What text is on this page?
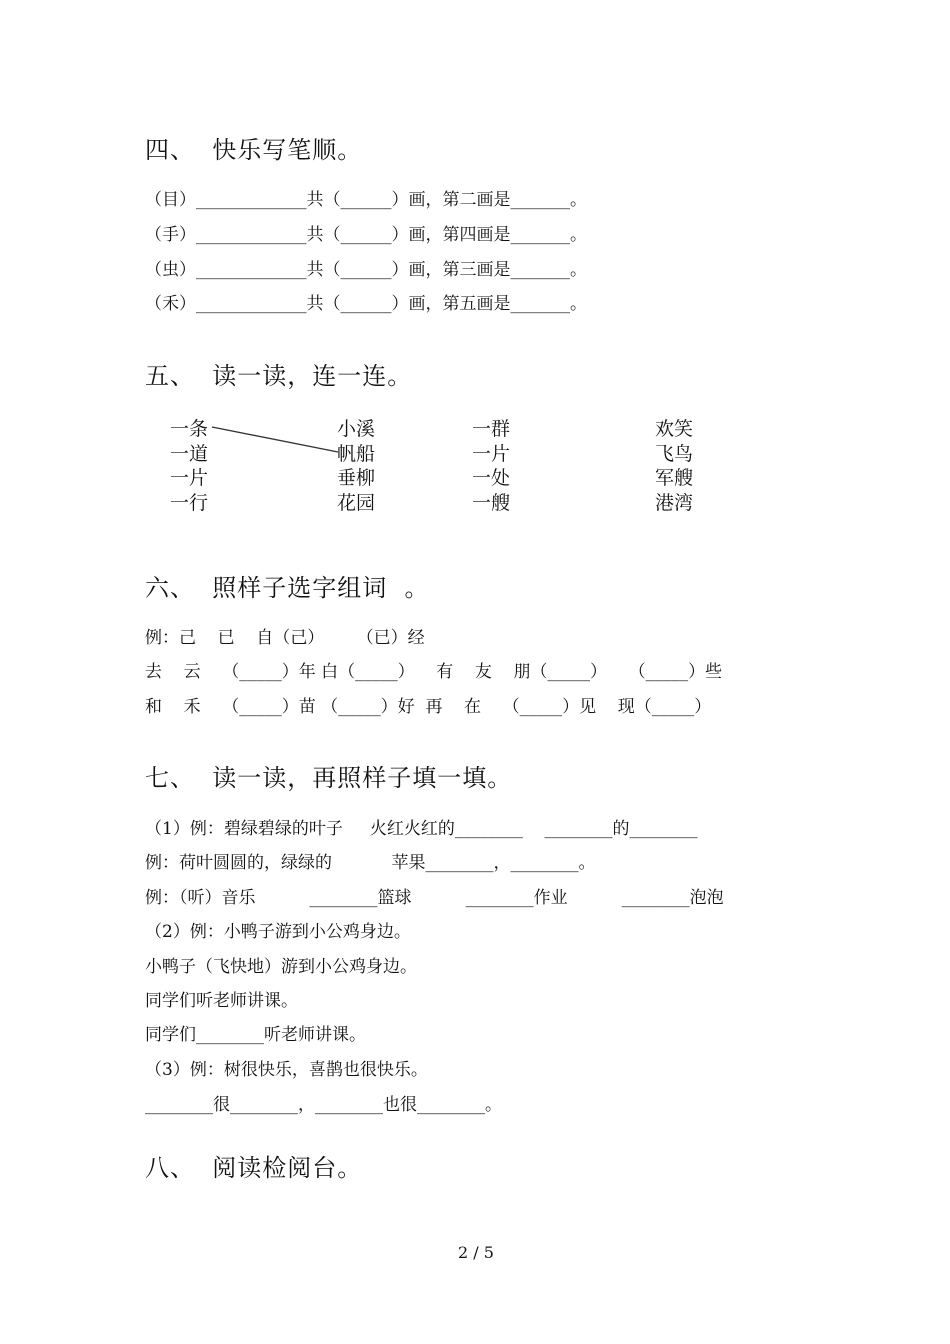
四、  快乐写笔顺。
（目）_____________共（______）画，第二画是_______。
（手）_____________共（______）画，第四画是_______。
（虫）_____________共（______）画，第三画是_______。
（禾）_____________共（______）画，第五画是_______。
五、  读一读，连一连。
一条
一道
一片
一行
小溪
帆船
垂柳
花园
一群
一片
一处
一艘
欢笑
飞鸟
军艘
港湾
六、  照样子选字组词  。
例：己    已    自（己）      （已）经
去    云    （_____）年 白（_____）    有    友    朋（_____）    （_____）些
和    禾    （_____）苗 （_____）好  再    在    （_____）见    现（_____）
七、  读一读，再照样子填一填。
（1）例：碧绿碧绿的叶子     火红火红的________    ________的________
例：荷叶圆圆的，绿绿的           苹果________，________。
例：（听）音乐          ________篮球          ________作业          ________泡泡
（2）例：小鸭子游到小公鸡身边。
小鸭子（飞快地）游到小公鸡身边。
同学们听老师讲课。
同学们________听老师讲课。
（3）例：树很快乐，喜鹊也很快乐。
________很________，________也很________。
八、  阅读检阅台。
2 / 5
